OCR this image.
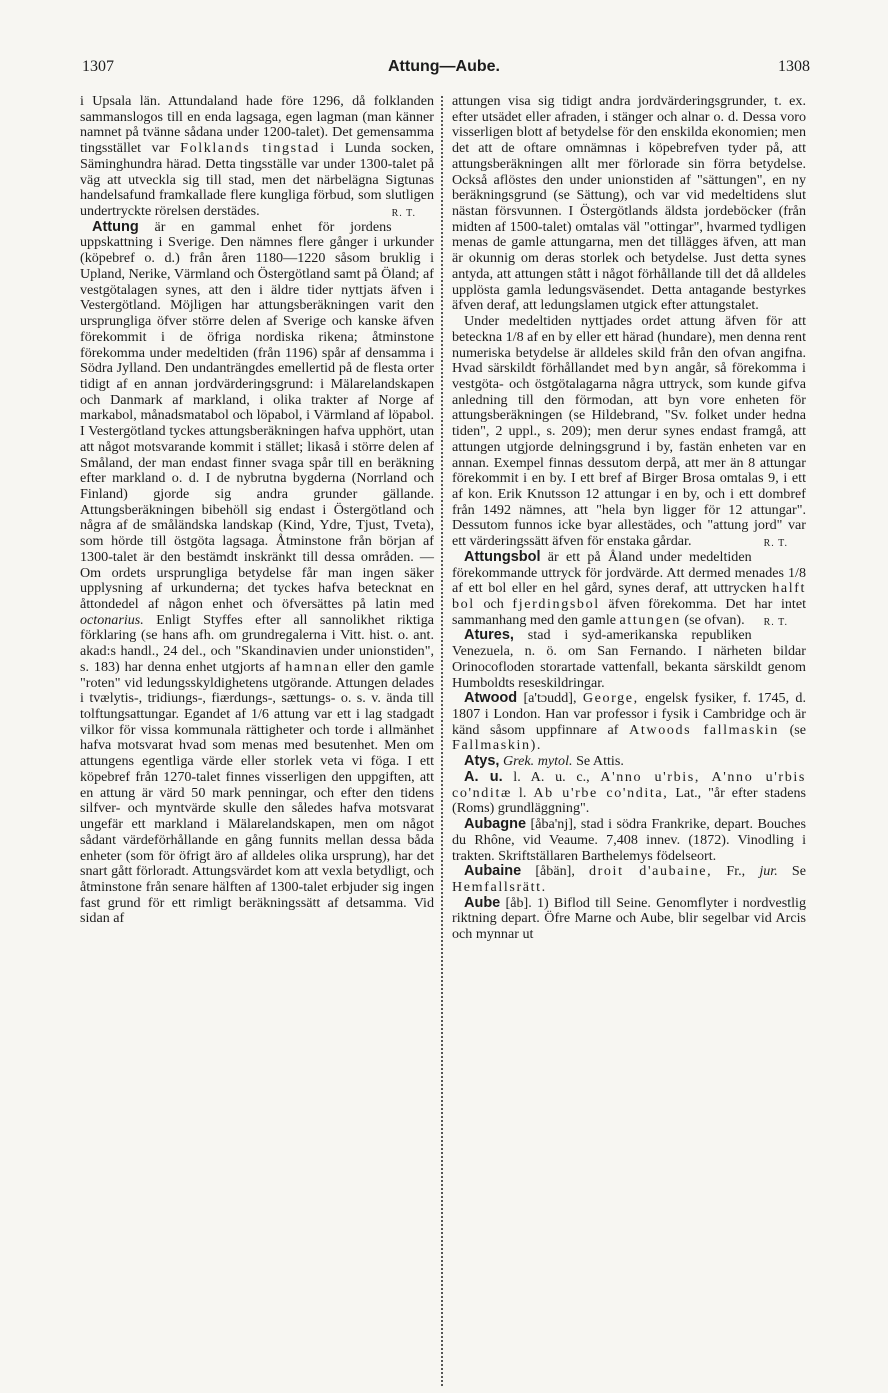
1307	Attung—Aube.	1308

i Upsala län. Attundaland hade före 1296, då folklanden sammanslogos till en enda lagsaga, egen lagman (man känner namnet på tvänne sådana under 1200-talet). Det gemensamma tingsstället var Folklands tingstad i Lunda socken, Säminghundra härad. Detta tingsställe var under 1300-talet på väg att utveckla sig till stad, men det närbelägna Sigtunas handelsafund framkallade flere kungliga förbud, som slutligen undertryckte rörelsen derstädes.	R. T.

Attung är en gammal enhet för jordens uppskattning i Sverige. Den nämnes flere gånger i urkunder (köpebref o. d.) från åren 1180—1220 såsom bruklig i Upland, Nerike, Värmland och Östergötland samt på Öland; af vestgötalagen synes, att den i äldre tider nyttjats äfven i Vestergötland. Möjligen har attungsberäkningen varit den ursprungliga öfver större delen af Sverige och kanske äfven förekommit i de öfriga nordiska rikena; åtminstone förekomma under medeltiden (från 1196) spår af densamma i Södra Jylland. Den undanträngdes emellertid på de flesta orter tidigt af en annan jordvärderingsgrund: i Mälarelandskapen och Danmark af markland, i olika trakter af Norge af markabol, månadsmatabol och löpabol, i Värmland af löpabol. I Vestergötland tyckes attungsberäkningen hafva upphört, utan att något motsvarande kommit i stället; likaså i större delen af Småland, der man endast finner svaga spår till en beräkning efter markland o. d. I de nybrutna bygderna (Norrland och Finland) gjorde sig andra grunder gällande. Attungsberäkningen bibehöll sig endast i Östergötland och några af de småländska landskap (Kind, Ydre, Tjust, Tveta), som hörde till östgöta lagsaga. Åtminstone från början af 1300-talet är den bestämdt inskränkt till dessa områden. — Om ordets ursprungliga betydelse får man ingen säker upplysning af urkunderna; det tyckes hafva betecknat en åttondedel af någon enhet och öfversättes på latin med octonarius. Enligt Styffes efter all sannolikhet riktiga förklaring (se hans afh. om grundregalerna i Vitt. hist. o. ant. akad:s handl., 24 del., och "Skandinavien under unionstiden", s. 183) har denna enhet utgjorts af hamnan eller den gamle "roten" vid ledungsskyldighetens utgörande. Attungen delades i tvælytis-, tridiungs-, fiærdungs-, sættungs- o. s. v. ända till tolftungsattungar. Egandet af 1/6 attung var ett i lag stadgadt vilkor för vissa kommunala rättigheter och torde i allmänhet hafva motsvarat hvad som menas med besutenhet. Men om attungens egentliga värde eller storlek veta vi föga. I ett köpebref från 1270-talet finnes visserligen den uppgiften, att en attung är värd 50 mark penningar, och efter den tidens silfver- och myntvärde skulle den således hafva motsvarat ungefär ett markland i Mälarelandskapen, men om något sådant värdeförhållande en gång funnits mellan dessa båda enheter (som för öfrigt äro af alldeles olika ursprung), har det snart gått förloradt. Attungsvärdet kom att vexla betydligt, och åtminstone från senare hälften af 1300-talet erbjuder sig ingen fast grund för ett rimligt beräkningssätt af detsamma. Vid sidan af

attungen visa sig tidigt andra jordvärderingsgrunder, t. ex. efter utsädet eller afraden, i stänger och alnar o. d. Dessa voro visserligen blott af betydelse för den enskilda ekonomien; men det att de oftare omnämnas i köpebrefven tyder på, att attungsberäkningen allt mer förlorade sin förra betydelse. Också aflöstes den under unionstiden af "sättungen", en ny beräkningsgrund (se Sättung), och var vid medeltidens slut nästan försvunnen. I Östergötlands äldsta jordeböcker (från midten af 1500-talet) omtalas väl "ottingar", hvarmed tydligen menas de gamle attungarna, men det tillägges äfven, att man är okunnig om deras storlek och betydelse. Just detta synes antyda, att attungen stått i något förhållande till det då alldeles upplösta gamla ledungsväsendet. Detta antagande bestyrkes äfven deraf, att ledungslamen utgick efter attungstalet.

Under medeltiden nyttjades ordet attung äfven för att beteckna 1/8 af en by eller ett härad (hundare), men denna rent numeriska betydelse är alldeles skild från den ofvan angifna. Hvad särskildt förhållandet med byn angår, så förekomma i vestgöta- och östgötalagarna några uttryck, som kunde gifva anledning till den förmodan, att byn vore enheten för attungsberäkningen (se Hildebrand, "Sv. folket under hedna tiden", 2 uppl., s. 209); men derur synes endast framgå, att attungen utgjorde delningsgrund i by, fastän enheten var en annan. Exempel finnas dessutom derpå, att mer än 8 attungar förekommit i en by. I ett bref af Birger Brosa omtalas 9, i ett af kon. Erik Knutsson 12 attungar i en by, och i ett dombref från 1492 nämnes, att "hela byn ligger för 12 attungar". Dessutom funnos icke byar allestädes, och "attung jord" var ett värderingssätt äfven för enstaka gårdar.	R. T.

Attungsbol är ett på Åland under medeltiden förekommande uttryck för jordvärde. Att dermed menades 1/8 af ett bol eller en hel gård, synes deraf, att uttrycken halft bol och fjerdingsbol äfven förekomma. Det har intet sammanhang med den gamle attungen (se ofvan).	R. T.

Atures, stad i syd-amerikanska republiken Venezuela, n. ö. om San Fernando. I närheten bildar Orinocofloden storartade vattenfall, bekanta särskildt genom Humboldts reseskildringar.

Atwood [a'tɔudd], George, engelsk fysiker, f. 1745, d. 1807 i London. Han var professor i fysik i Cambridge och är känd såsom uppfinnare af Atwoods fallmaskin (se Fallmaskin).

Atys, Grek. mytol. Se Attis.

A. u. l. A. u. c., A'nno u'rbis, A'nno u'rbis co'nditæ l. Ab u'rbe co'ndita, Lat., "år efter stadens (Roms) grundläggning".

Aubagne [åba'nj], stad i södra Frankrike, depart. Bouches du Rhône, vid Veaume. 7,408 innev. (1872). Vinodling i trakten. Skriftställaren Barthelemys födelseort.

Aubaine [åbän], droit d'aubaine, Fr., jur. Se Hemfallsrätt.

Aube [åb]. 1) Biflod till Seine. Genomflyter i nordvestlig riktning depart. Öfre Marne och Aube, blir segelbar vid Arcis och mynnar ut
